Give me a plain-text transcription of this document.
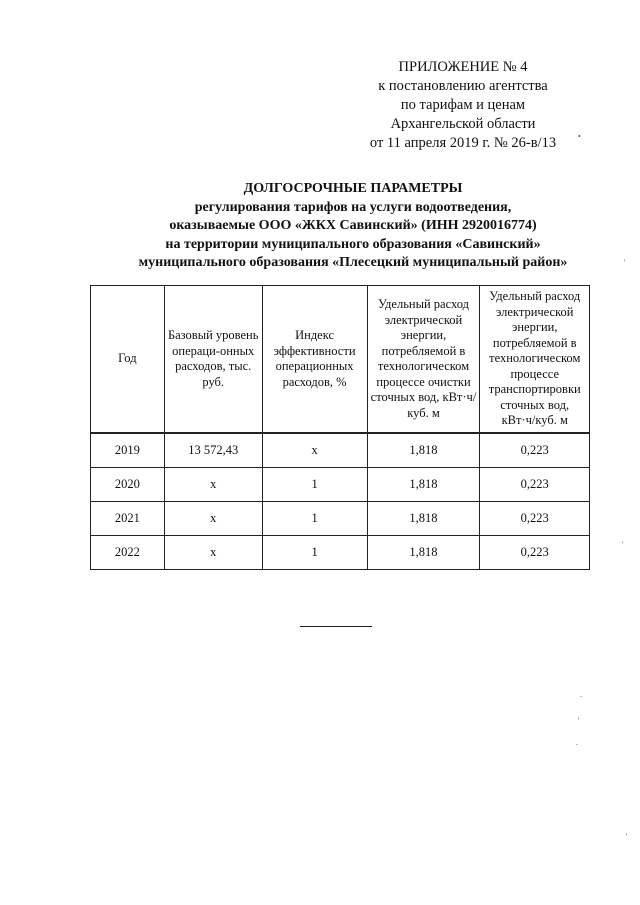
ПРИЛОЖЕНИЕ № 4
к постановлению агентства
по тарифам и ценам
Архангельской области
от 11 апреля 2019 г. № 26-в/13
ДОЛГОСРОЧНЫЕ ПАРАМЕТРЫ
регулирования тарифов на услуги водоотведения,
оказываемые ООО «ЖКХ Савинский» (ИНН 2920016774)
на территории муниципального образования «Савинский»
муниципального образования «Плесецкий муниципальный район»
Год	Базовый уровень операци-онных расходов, тыс. руб.	Индекс эффективности операционных расходов, %	Удельный расход электрической энергии, потребляемой в технологическом процессе очистки сточных вод, кВт·ч/куб. м	Удельный расход электрической энергии, потребляемой в технологическом процессе транспортировки сточных вод, кВт·ч/куб. м
2019	13 572,43	х	1,818	0,223
2020	х	1	1,818	0,223
2021	х	1	1,818	0,223
2022	х	1	1,818	0,223
•
'
'
.
'
.
'
